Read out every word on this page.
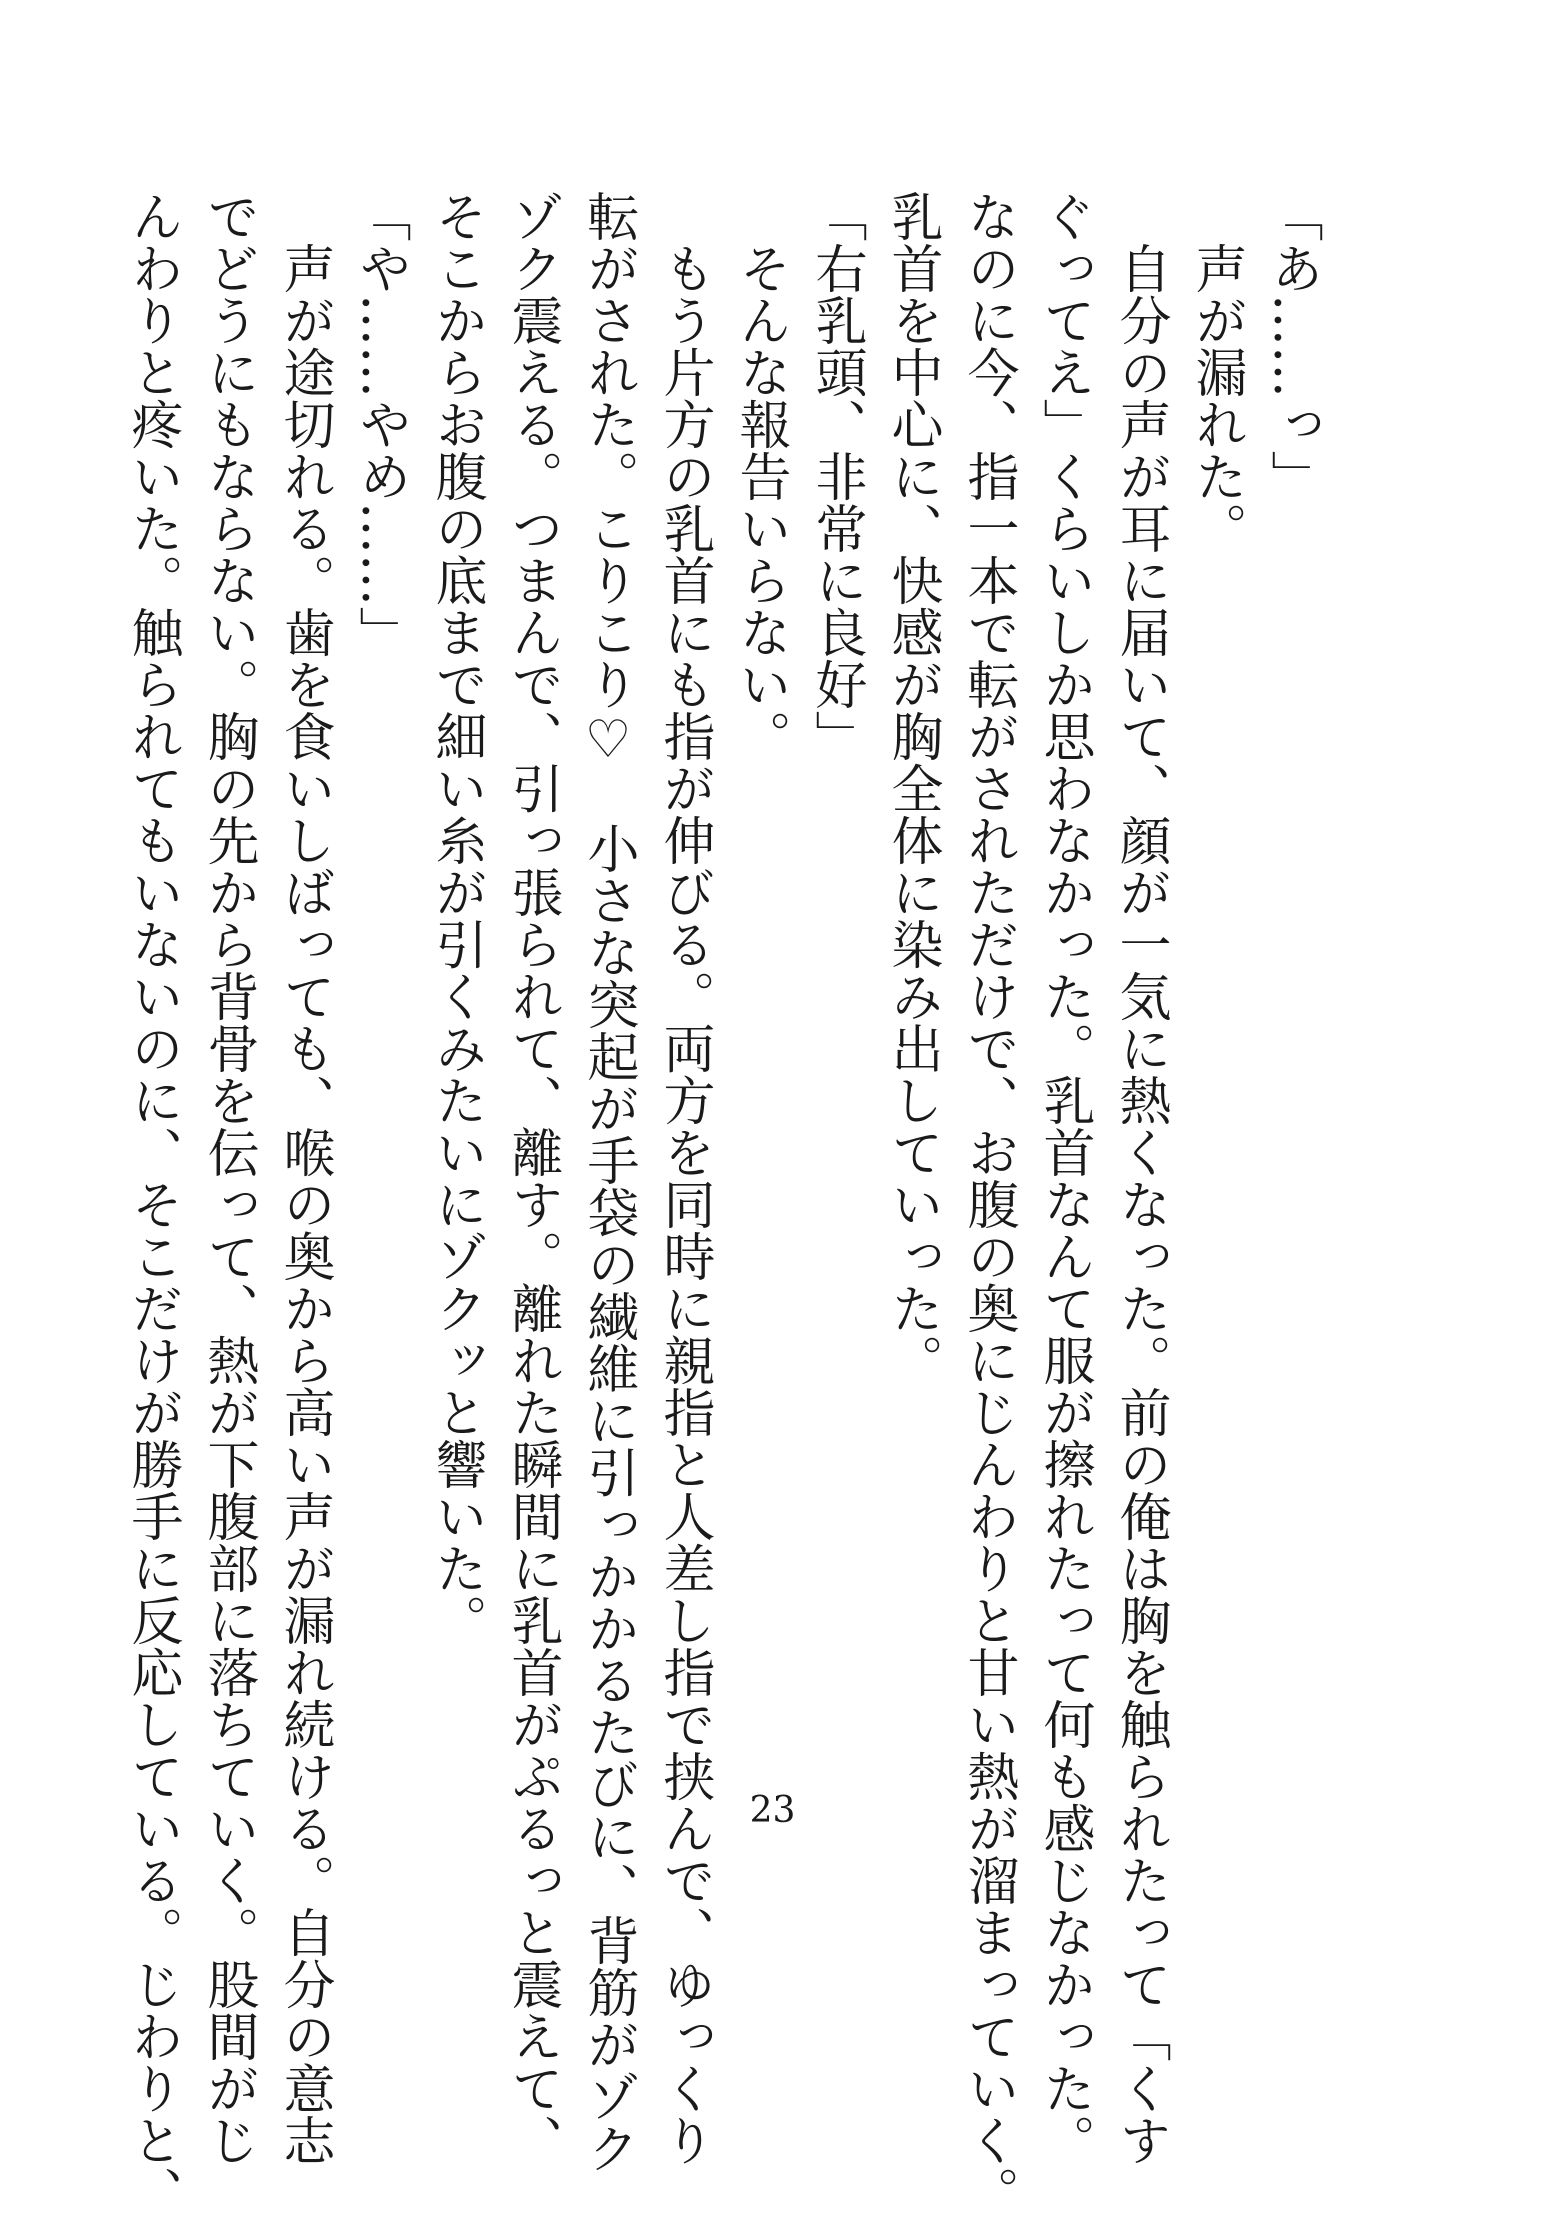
「あ……っ」

　声が漏れた。

　自分の声が耳に届いて、顔が一気に熱くなった。前の俺は胸を触られたって「くす

ぐってえ」くらいしか思わなかった。乳首なんて服が擦れたって何も感じなかった。

なのに今、指一本で転がされただけで、お腹の奥にじんわりと甘い熱が溜まっていく。

乳首を中心に、快感が胸全体に染み出していった。

「右乳頭、非常に良好」

　そんな報告いらない。

　もう片方の乳首にも指が伸びる。両方を同時に親指と人差し指で挟んで、ゆっくり

転がされた。こりこり♡　小さな突起が手袋の繊維に引っかかるたびに、背筋がゾク

ゾク震える。つまんで、引っ張られて、離す。離れた瞬間に乳首がぷるっと震えて、

そこからお腹の底まで細い糸が引くみたいにゾクッと響いた。

「や……やめ……」

　声が途切れる。歯を食いしばっても、喉の奥から高い声が漏れ続ける。自分の意志

でどうにもならない。胸の先から背骨を伝って、熱が下腹部に落ちていく。股間がじ

んわりと疼いた。触られてもいないのに、そこだけが勝手に反応している。じわりと、	23
